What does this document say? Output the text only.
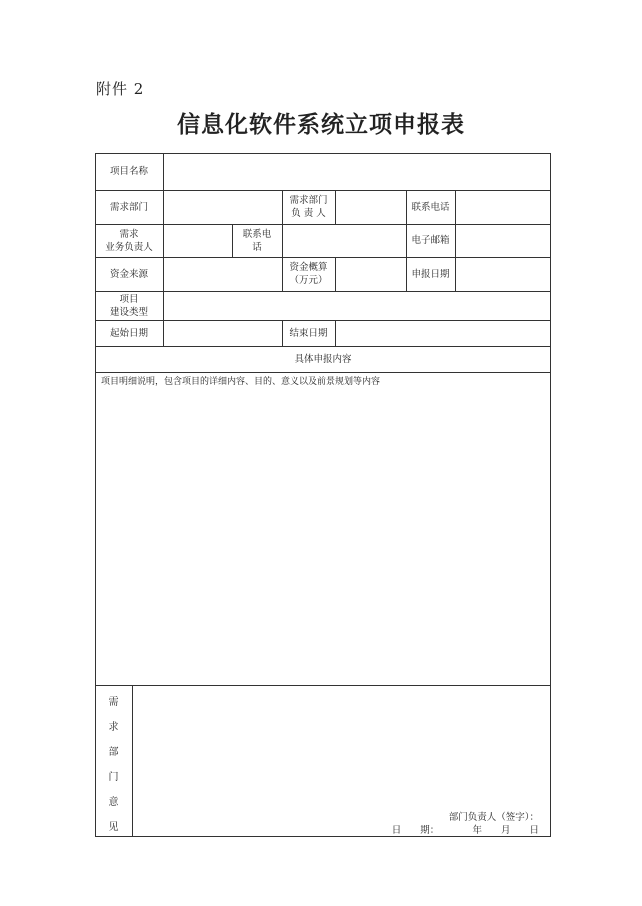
附件 2
信息化软件系统立项申报表
项目名称
需求部门
需求部门
负 责 人
联系电话
需求
业务负责人
联系电
话
电子邮箱
资金来源
资金概算
（万元）
申报日期
项目
建设类型
起始日期	结束日期
具体申报内容
项目明细说明，包含项目的详细内容、目的、意义以及前景规划等内容
需
求
部
门
意
见
部门负责人（签字）：
日　　期：　　　　年　　月　　日
